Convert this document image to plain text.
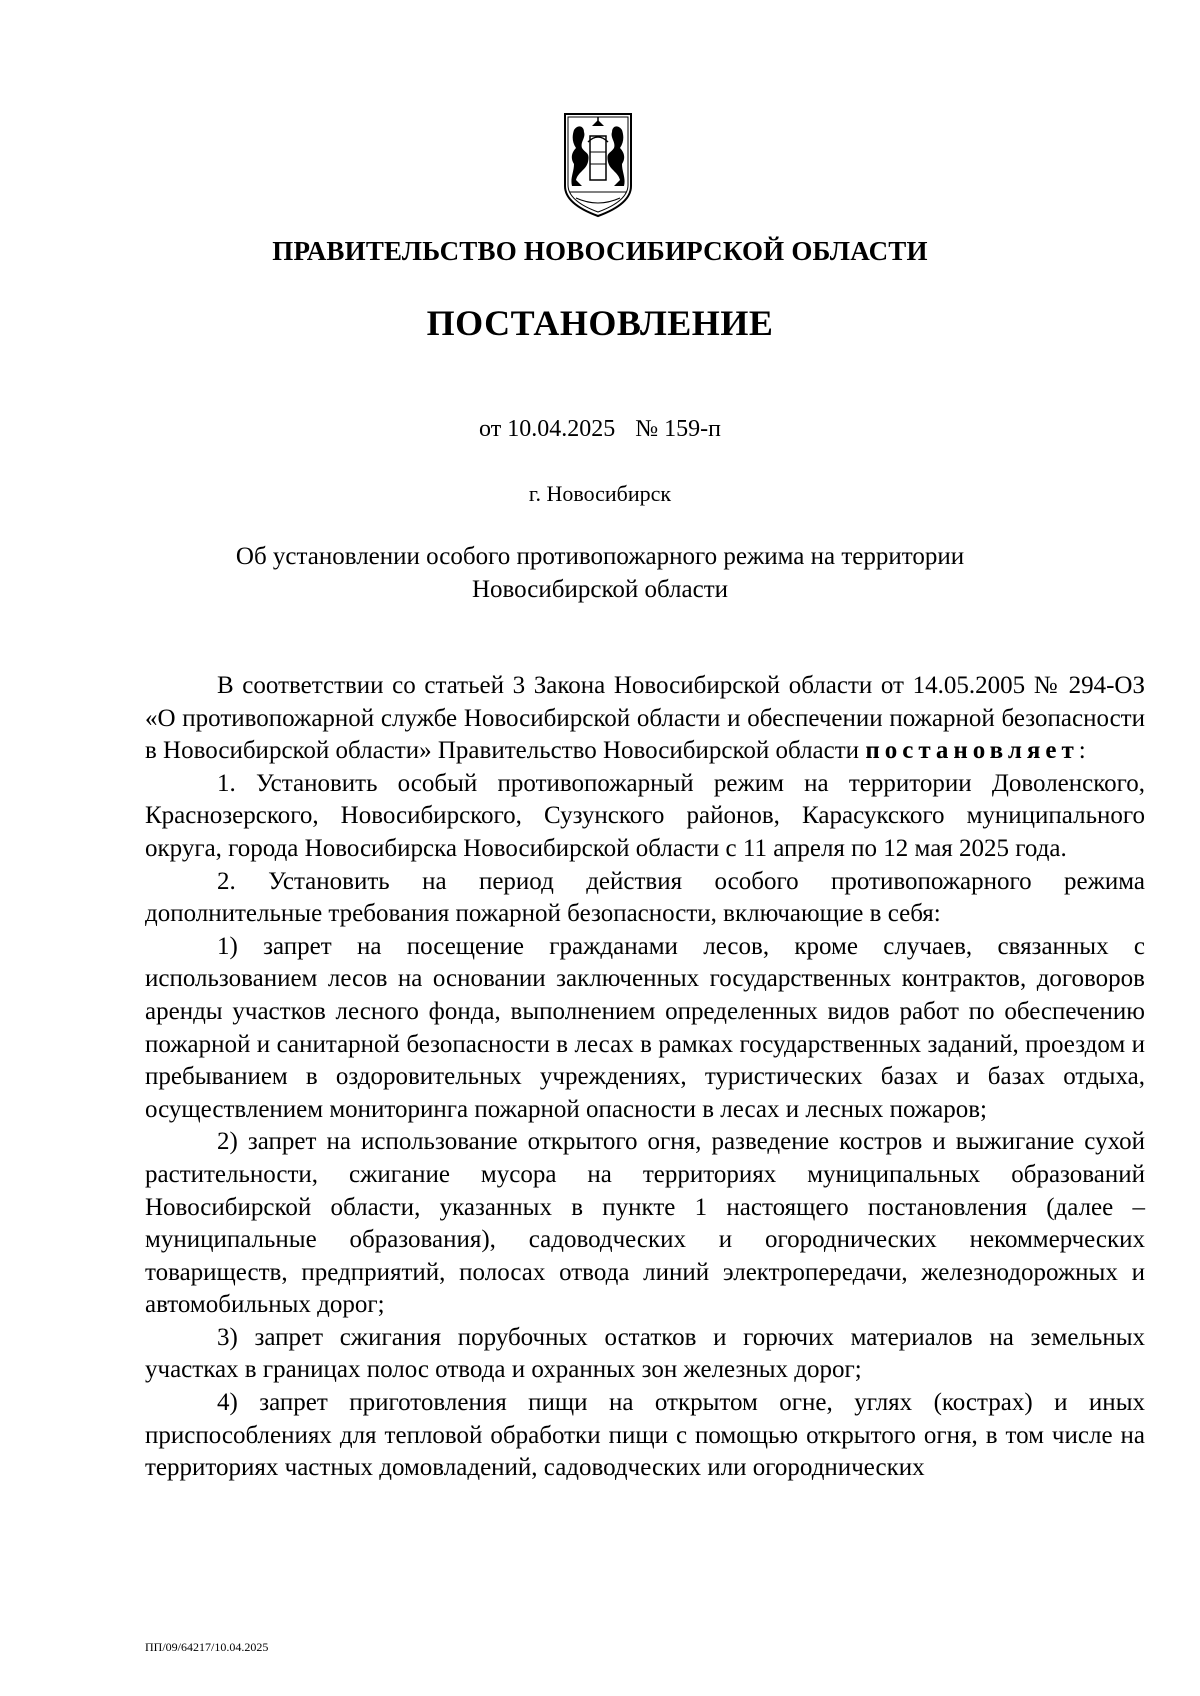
ПРАВИТЕЛЬСТВО НОВОСИБИРСКОЙ ОБЛАСТИ
ПОСТАНОВЛЕНИЕ
от 10.04.2025 № 159-п
г. Новосибирск
Об установлении особого противопожарного режима на территории
Новосибирской области

В соответствии со статьей 3 Закона Новосибирской области от 14.05.2005 № 294-ОЗ «О противопожарной службе Новосибирской области и обеспечении пожарной безопасности в Новосибирской области» Правительство Новосибирской области постановляет:

1. Установить особый противопожарный режим на территории Доволенского, Краснозерского, Новосибирского, Сузунского районов, Карасукского муниципального округа, города Новосибирска Новосибирской области с 11 апреля по 12 мая 2025 года.

2. Установить на период действия особого противопожарного режима дополнительные требования пожарной безопасности, включающие в себя:

1) запрет на посещение гражданами лесов, кроме случаев, связанных с использованием лесов на основании заключенных государственных контрактов, договоров аренды участков лесного фонда, выполнением определенных видов работ по обеспечению пожарной и санитарной безопасности в лесах в рамках государственных заданий, проездом и пребыванием в оздоровительных учреждениях, туристических базах и базах отдыха, осуществлением мониторинга пожарной опасности в лесах и лесных пожаров;

2) запрет на использование открытого огня, разведение костров и выжигание сухой растительности, сжигание мусора на территориях муниципальных образований Новосибирской области, указанных в пункте 1 настоящего постановления (далее – муниципальные образования), садоводческих и огороднических некоммерческих товариществ, предприятий, полосах отвода линий электропередачи, железнодорожных и автомобильных дорог;

3) запрет сжигания порубочных остатков и горючих материалов на земельных участках в границах полос отвода и охранных зон железных дорог;

4) запрет приготовления пищи на открытом огне, углях (кострах) и иных приспособлениях для тепловой обработки пищи с помощью открытого огня, в том числе на территориях частных домовладений, садоводческих или огороднических

ПП/09/64217/10.04.2025
